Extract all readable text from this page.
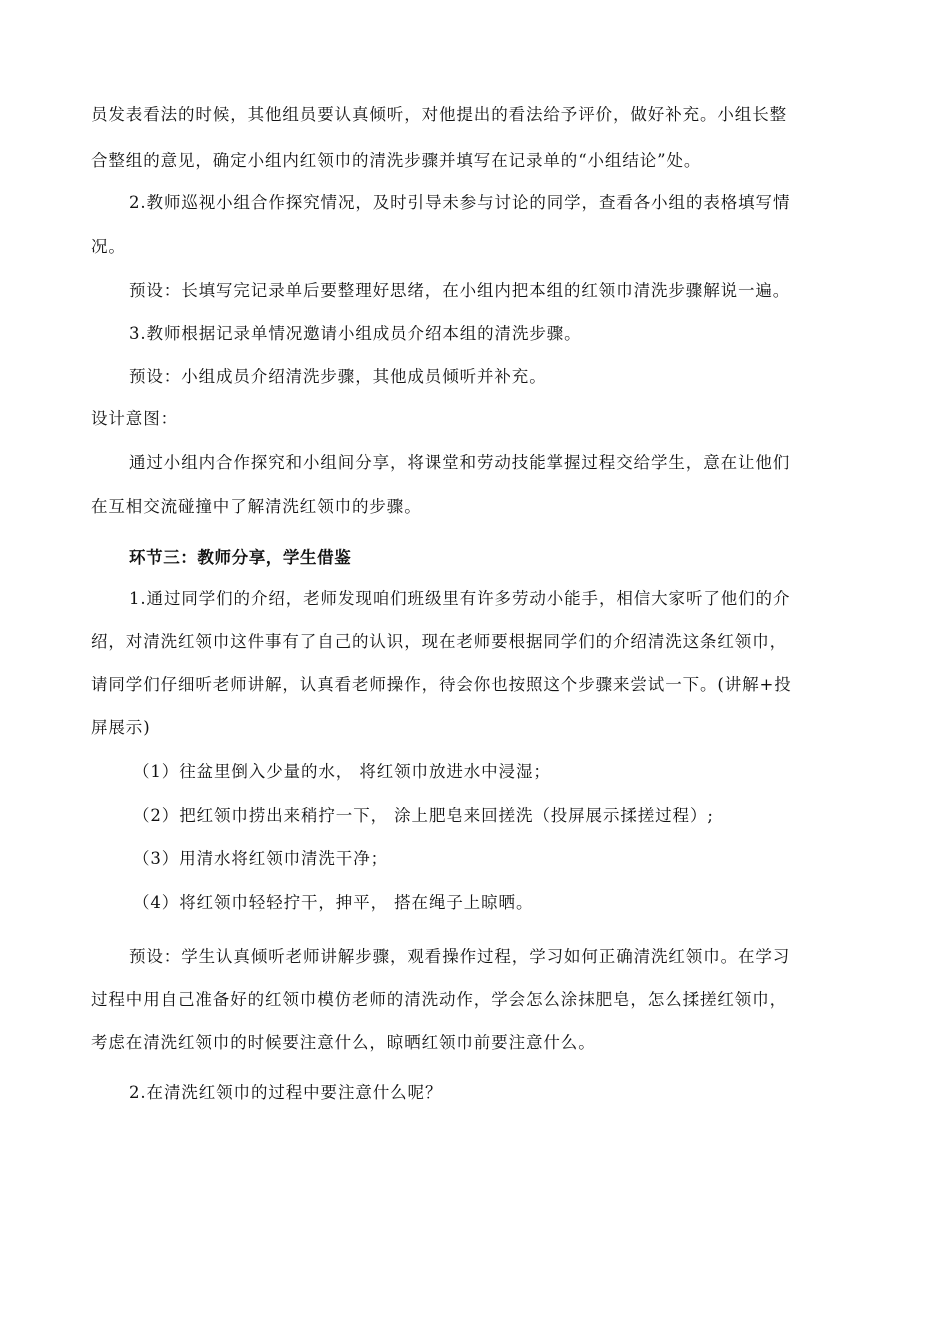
员发表看法的时候，其他组员要认真倾听，对他提出的看法给予评价，做好补充。小组长整
合整组的意见，确定小组内红领巾的清洗步骤并填写在记录单的“小组结论”处。
2.教师巡视小组合作探究情况，及时引导未参与讨论的同学，查看各小组的表格填写情
况。
预设：长填写完记录单后要整理好思绪，在小组内把本组的红领巾清洗步骤解说一遍。
3.教师根据记录单情况邀请小组成员介绍本组的清洗步骤。
预设：小组成员介绍清洗步骤，其他成员倾听并补充。
设计意图：
通过小组内合作探究和小组间分享，将课堂和劳动技能掌握过程交给学生，意在让他们
在互相交流碰撞中了解清洗红领巾的步骤。
环节三：教师分享，学生借鉴
1.通过同学们的介绍，老师发现咱们班级里有许多劳动小能手，相信大家听了他们的介
绍，对清洗红领巾这件事有了自己的认识，现在老师要根据同学们的介绍清洗这条红领巾，
请同学们仔细听老师讲解，认真看老师操作，待会你也按照这个步骤来尝试一下。(讲解+投
屏展示)
（1）往盆里倒入少量的水， 将红领巾放进水中浸湿；
（2）把红领巾捞出来稍拧一下， 涂上肥皂来回搓洗（投屏展示揉搓过程）;
（3）用清水将红领巾清洗干净；
（4）将红领巾轻轻拧干，抻平， 搭在绳子上晾晒。
预设：学生认真倾听老师讲解步骤，观看操作过程，学习如何正确清洗红领巾。在学习
过程中用自己准备好的红领巾模仿老师的清洗动作，学会怎么涂抹肥皂，怎么揉搓红领巾，
考虑在清洗红领巾的时候要注意什么，晾晒红领巾前要注意什么。
2.在清洗红领巾的过程中要注意什么呢？
